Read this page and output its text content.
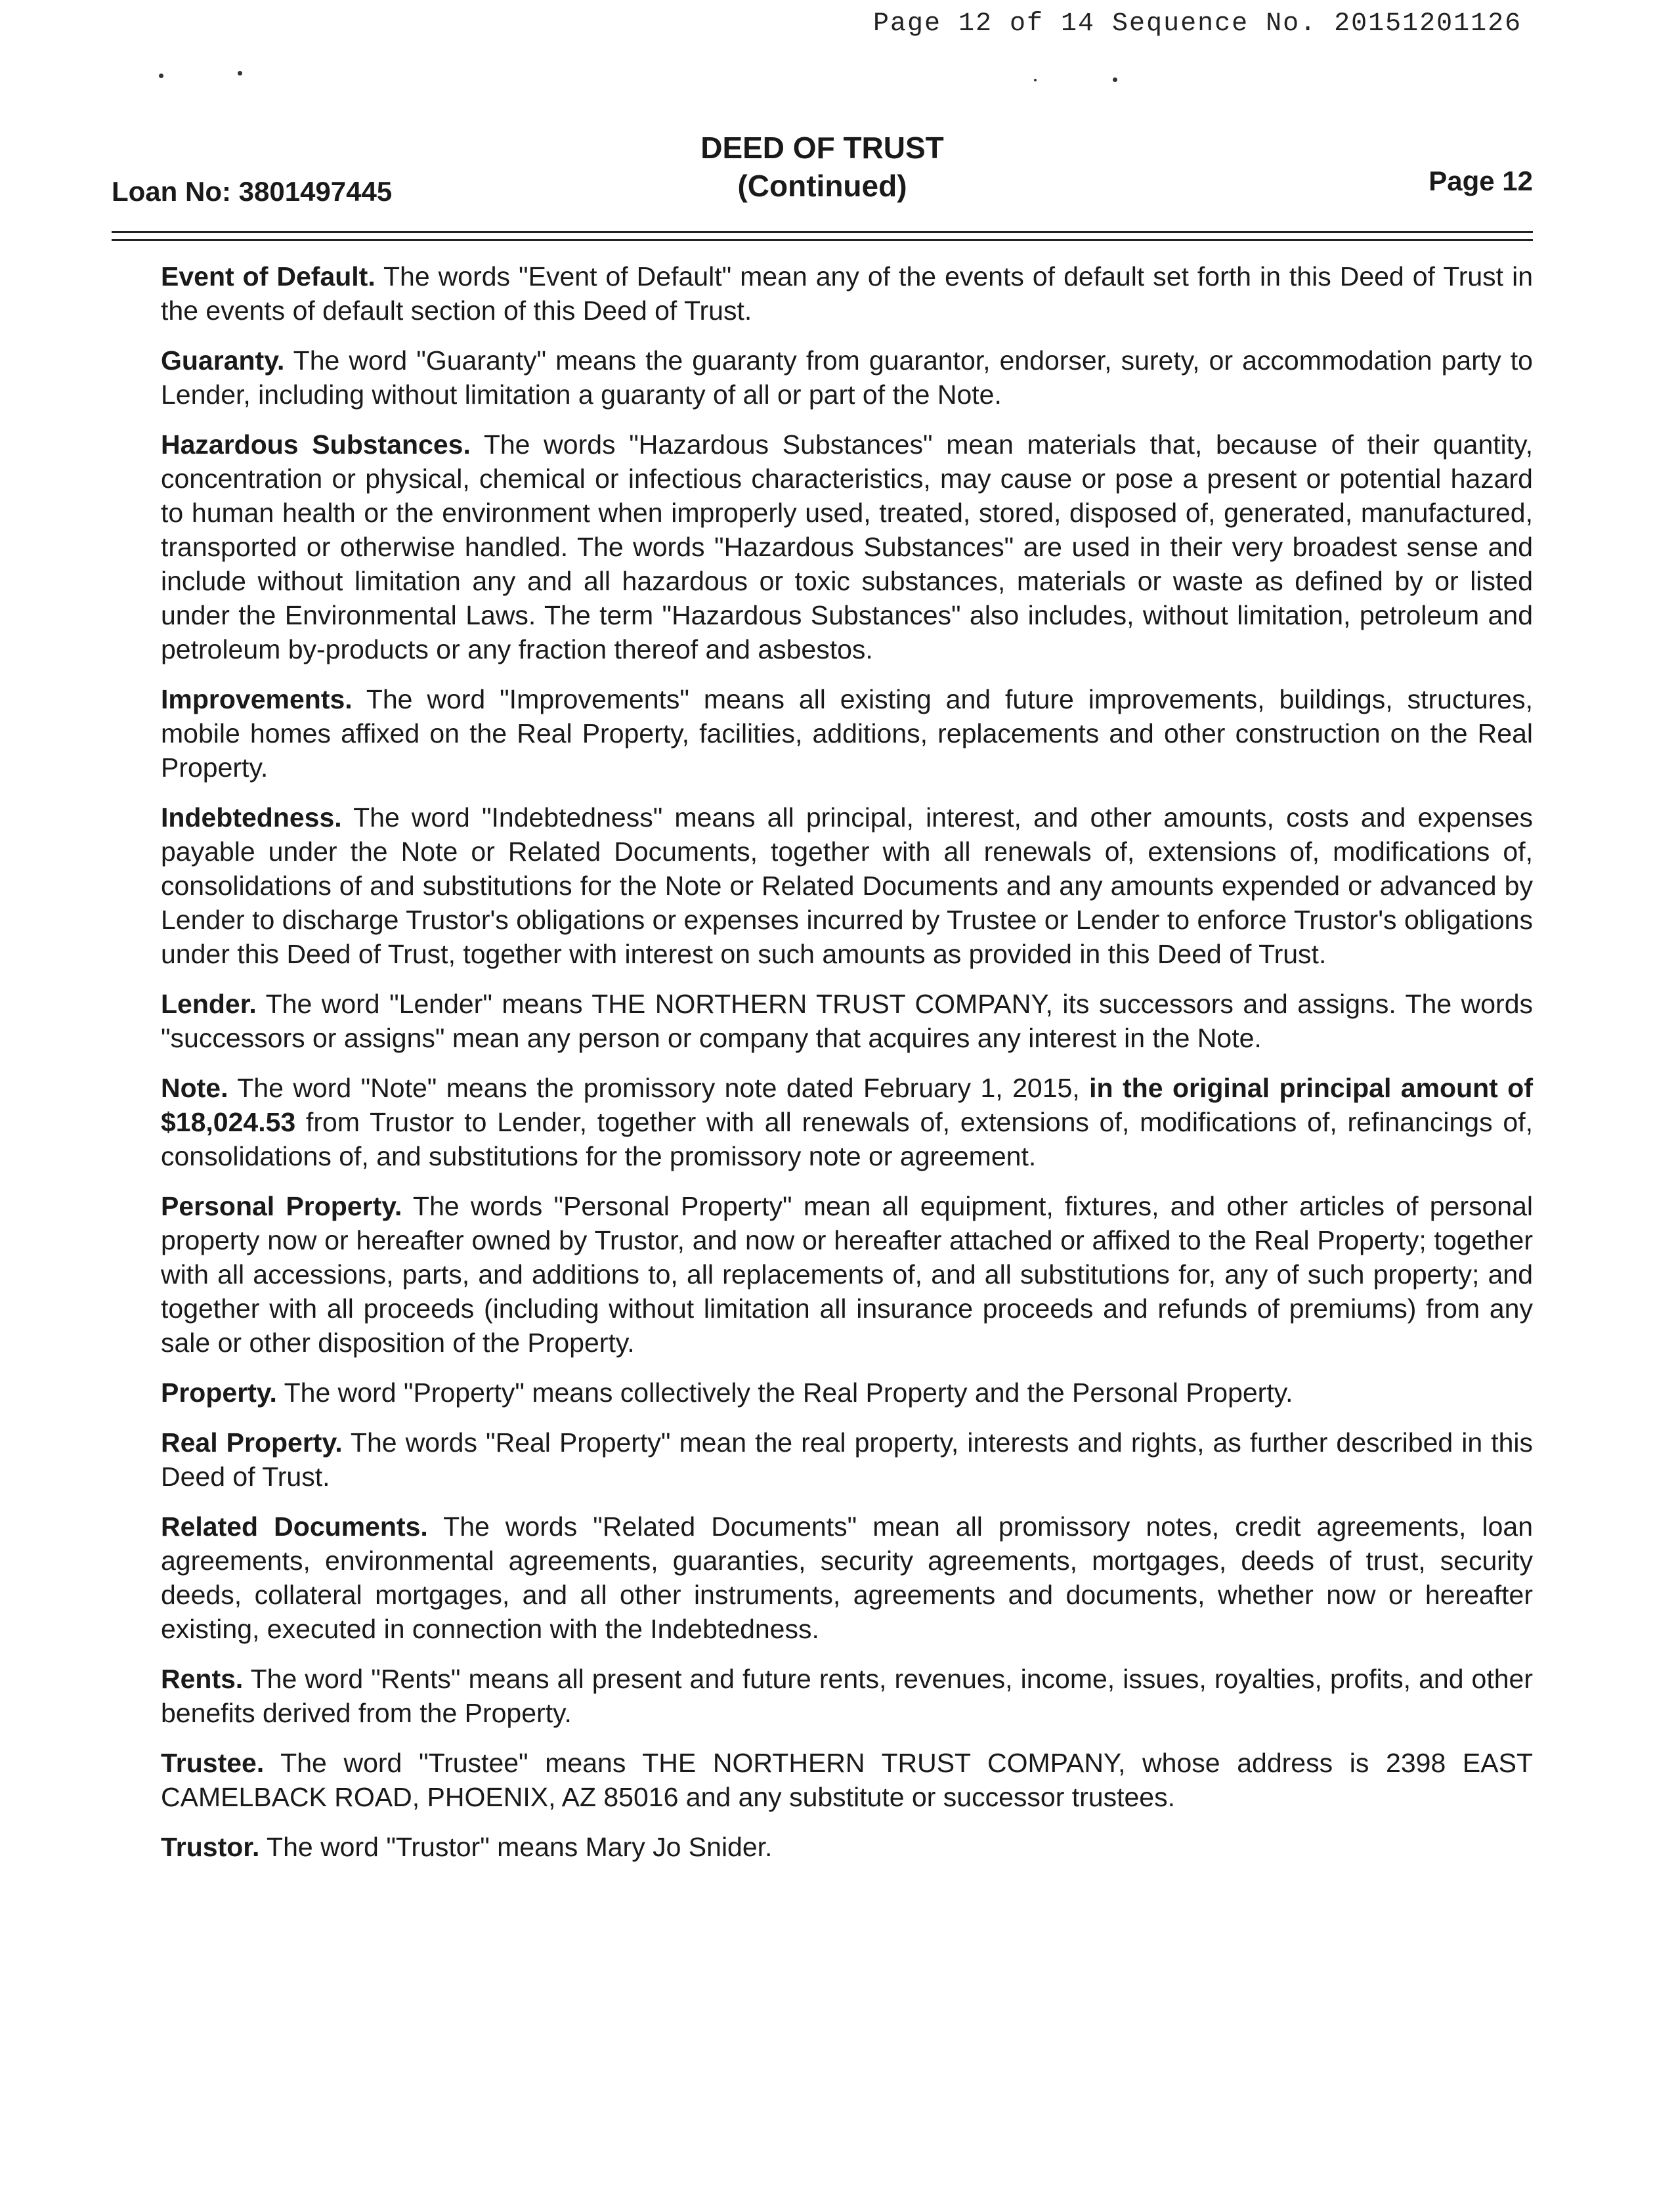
Page 12 of 14 Sequence No. 20151201126
Loan No: 3801497445
DEED OF TRUST
(Continued)	Page 12

Event of Default. The words "Event of Default" mean any of the events of default set forth in this Deed of Trust in the events of default section of this Deed of Trust.

Guaranty. The word "Guaranty" means the guaranty from guarantor, endorser, surety, or accommodation party to Lender, including without limitation a guaranty of all or part of the Note.

Hazardous Substances. The words "Hazardous Substances" mean materials that, because of their quantity, concentration or physical, chemical or infectious characteristics, may cause or pose a present or potential hazard to human health or the environment when improperly used, treated, stored, disposed of, generated, manufactured, transported or otherwise handled. The words "Hazardous Substances" are used in their very broadest sense and include without limitation any and all hazardous or toxic substances, materials or waste as defined by or listed under the Environmental Laws. The term "Hazardous Substances" also includes, without limitation, petroleum and petroleum by-products or any fraction thereof and asbestos.

Improvements. The word "Improvements" means all existing and future improvements, buildings, structures, mobile homes affixed on the Real Property, facilities, additions, replacements and other construction on the Real Property.

Indebtedness. The word "Indebtedness" means all principal, interest, and other amounts, costs and expenses payable under the Note or Related Documents, together with all renewals of, extensions of, modifications of, consolidations of and substitutions for the Note or Related Documents and any amounts expended or advanced by Lender to discharge Trustor's obligations or expenses incurred by Trustee or Lender to enforce Trustor's obligations under this Deed of Trust, together with interest on such amounts as provided in this Deed of Trust.

Lender. The word "Lender" means THE NORTHERN TRUST COMPANY, its successors and assigns. The words "successors or assigns" mean any person or company that acquires any interest in the Note.

Note. The word "Note" means the promissory note dated February 1, 2015, in the original principal amount of $18,024.53 from Trustor to Lender, together with all renewals of, extensions of, modifications of, refinancings of, consolidations of, and substitutions for the promissory note or agreement.

Personal Property. The words "Personal Property" mean all equipment, fixtures, and other articles of personal property now or hereafter owned by Trustor, and now or hereafter attached or affixed to the Real Property; together with all accessions, parts, and additions to, all replacements of, and all substitutions for, any of such property; and together with all proceeds (including without limitation all insurance proceeds and refunds of premiums) from any sale or other disposition of the Property.

Property. The word "Property" means collectively the Real Property and the Personal Property.

Real Property. The words "Real Property" mean the real property, interests and rights, as further described in this Deed of Trust.

Related Documents. The words "Related Documents" mean all promissory notes, credit agreements, loan agreements, environmental agreements, guaranties, security agreements, mortgages, deeds of trust, security deeds, collateral mortgages, and all other instruments, agreements and documents, whether now or hereafter existing, executed in connection with the Indebtedness.

Rents. The word "Rents" means all present and future rents, revenues, income, issues, royalties, profits, and other benefits derived from the Property.

Trustee. The word "Trustee" means THE NORTHERN TRUST COMPANY, whose address is 2398 EAST CAMELBACK ROAD, PHOENIX, AZ 85016 and any substitute or successor trustees.

Trustor. The word "Trustor" means Mary Jo Snider.
